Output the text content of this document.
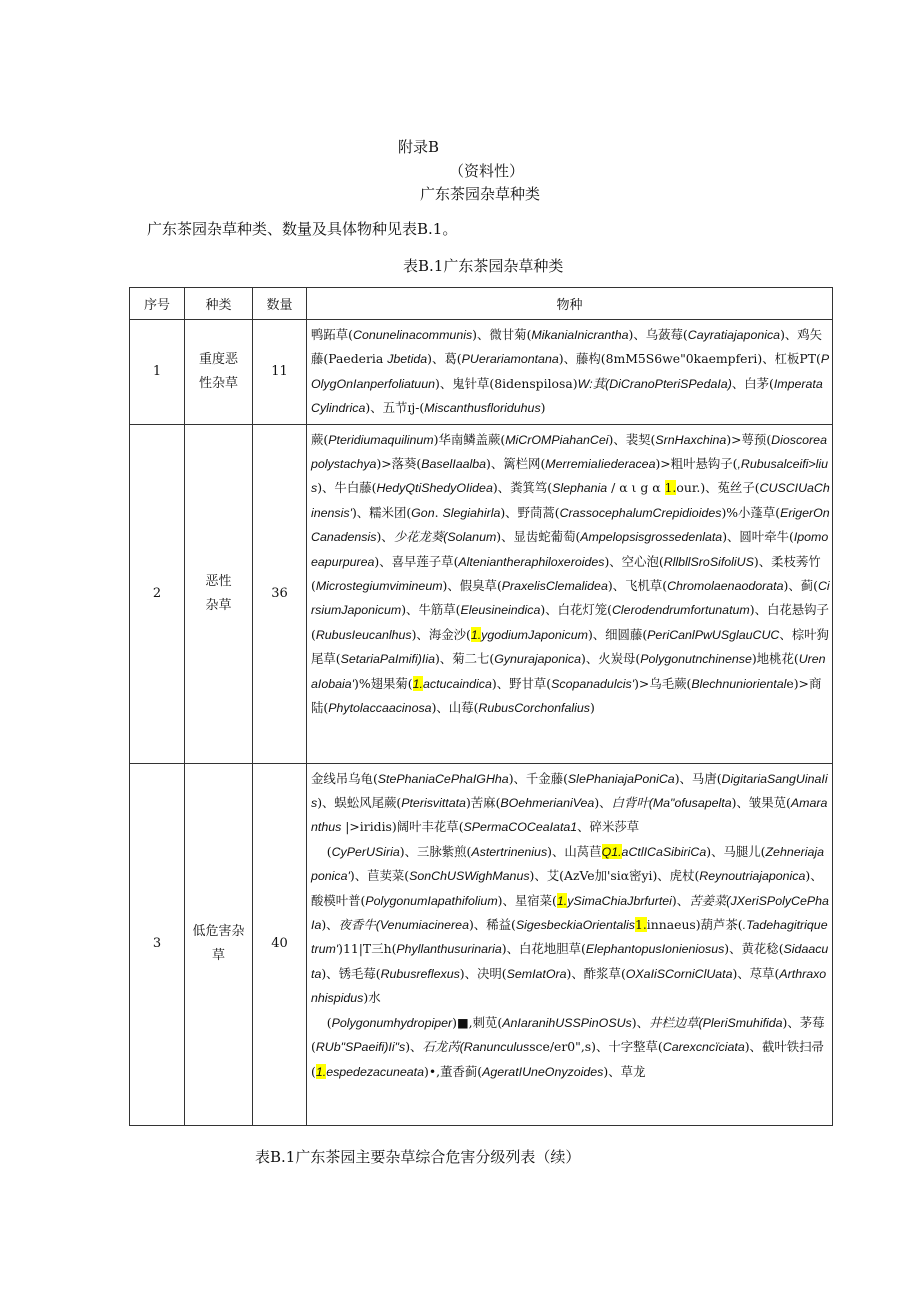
附录B
（资料性）
广东茶园杂草种类
广东茶园杂草种类、数量及具体物种见表B.1。
表B.1广东茶园杂草种类
序号	种类	数量	物种
1	重度恶性杂草	11	鸭跖草(Conunelinacommunis)、微甘菊(MikaniaInicrantha)、乌蔹莓(Cayratiajaponica)、鸡矢藤(Paederia Jbetida)、葛(PUerariamontana)、藤构(8mM5S6we"0kaempferi)、杠板PT(POlygOnIanperfoliatuun)、鬼针草(8idenspilosa)W:萁(DiCranoPteriSPedaIa)、白茅(ImperataCylindrica)、五节ɪj-(Miscanthusfloriduhus)
2	恶性杂草	36	蕨(Pteridiumaquilinum)华南鳞盖蕨(MiCrOMPiahanCei)、裴契(SrnHaxchina)>萼预(Dioscoreapolystachya)>落葵(BaselIaalba)、篱栏网(MerremiaIiederacea)>粗叶悬钩子(,Rubusalceifi>lius)、牛白藤(HedyQtiShedyOIidea)、粪箕笃(Slephania / α ι g α 1.our.)、菟丝子(CUSCIUaChinensis')、糯米团(Gon. Slegiahirla)、野茼蒿(CrassocephalumCrepidioides)%小蓬草(ErigerOnCanadensis)、少花龙葵(Solanum)、显齿蛇葡萄(Ampelopsisgrossedenlata)、圆叶牵牛(Ipomoeapurpurea)、喜早莲子草(Alteniantheraphiloxeroides)、空心泡(RllbllSroSifoliUS)、柔枝莠竹(Microstegiumvimineum)、假臭草(PraxelisClemalidea)、飞机草(Chromolaenaodorata)、蓟(CirsiumJaponicum)、牛筋草(Eleusineindica)、白花灯笼(Clerodendrumfortunatum)、白花悬钩子(RubusIeucanlhus)、海金沙(1.ygodiumJaponicum)、细圆藤(PeriCanlPwUSglauCUC、棕叶狗尾草(SetariaPaImifi)Iia)、菊二七(Gynurajaponica)、火炭母(Polygonutnchinense)地桃花(UrenaIobaia')%翅果菊(1.actucaindica)、野甘草(Scopanadulcis')>乌毛蕨(Blechnuniorientale)>商陆(Phytolaccaacinosa)、山莓(RubusCorchonfalius)
3	低危害杂草	40	金线吊乌龟(StePhaniaCePhaIGHha)、千金藤(SlePhaniajaPoniCa)、马唐(DigitariaSangUinaIis)、蜈蚣风尾蕨(Pterisvittata)苦麻(BOehmerianiVea)、白背叶(Ma"ofusapelta)、皱果苋(Amaranthus |>iridis)阔叶丰花草(SPermaCOCeaIata1、碎米莎草
(CyPerUSiria)、三脉紫煎(Astertrinenius)、山莴苣Q1.aCtlICaSibiriCa)、马腿儿(Zehneriajaponica')、苣荬菜(SonChUSWighManus)、艾(AzVe加'siα密yi)、虎杖(Reynoutriajaponica)、酸模叶普(PolygonumIapathifolium)、星宿菜(1.ySimaChiaJbrfurtei)、苦姜菜(JXeriSPolyCePhaIa)、夜香牛(Venumiacinerea)、稀益(SigesbeckiaOrientalis1.innaeus)葫芦茶(.Tadehagitriquetrum')11|T三h(Phyllanthusurinaria)、白花地胆草(ElephantopusIonieniosus)、黄花稔(Sidaacuta)、锈毛莓(Rubusreflexus)、决明(SemIatOra)、酢浆草(OXaIiSCorniClUata)、荩草(Arthraxonhispidus)水
(Polygonumhydropiper)■,刺苋(AnIaranihUSSPinOSUs)、井栏边草(PleriSmuhifida)、茅莓(RUb"SPaeifi)Ii"s)、石龙芮(Ranunculussce/er0",s)、十字整草(Carexcncïciata)、截叶铁扫帚(1.espedezacuneata)•,董香蓟(AgeratIUneOnyzoides)、草龙
表B.1广东茶园主要杂草综合危害分级列表（续）
